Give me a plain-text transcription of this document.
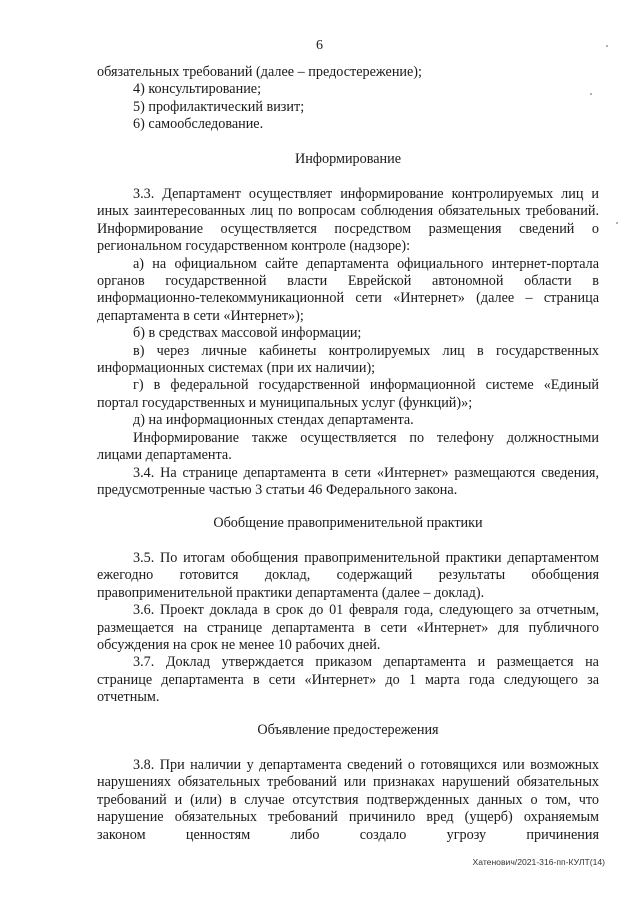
6

обязательных требований (далее – предостережение);

4) консультирование;

5) профилактический визит;

6) самообследование.

Информирование

3.3. Департамент осуществляет информирование контролируемых лиц и иных заинтересованных лиц по вопросам соблюдения обязательных требований. Информирование осуществляется посредством размещения сведений о региональном государственном контроле (надзоре):

а) на официальном сайте департамента официального интернет-портала органов государственной власти Еврейской автономной области в информационно-телекоммуникационной сети «Интернет» (далее – страница департамента в сети «Интернет»);

б) в средствах массовой информации;

в) через личные кабинеты контролируемых лиц в государственных информационных системах (при их наличии);

г) в федеральной государственной информационной системе «Единый портал государственных и муниципальных услуг (функций)»;

д) на информационных стендах департамента.

Информирование также осуществляется по телефону должностными лицами департамента.

3.4. На странице департамента в сети «Интернет» размещаются сведения, предусмотренные частью 3 статьи 46 Федерального закона.

Обобщение правоприменительной практики

3.5. По итогам обобщения правоприменительной практики департаментом ежегодно готовится доклад, содержащий результаты обобщения правоприменительной практики департамента (далее – доклад).

3.6. Проект доклада в срок до 01 февраля года, следующего за отчетным, размещается на странице департамента в сети «Интернет» для публичного обсуждения на срок не менее 10 рабочих дней.

3.7. Доклад утверждается приказом департамента и размещается на странице департамента в сети «Интернет» до 1 марта года следующего за отчетным.

Объявление предостережения

3.8. При наличии у департамента сведений о готовящихся или возможных нарушениях обязательных требований или признаках нарушений обязательных требований и (или) в случае отсутствия подтвержденных данных о том, что нарушение обязательных требований причинило вред (ущерб) охраняемым законом ценностям либо создало угрозу причинения

Хатенович/2021-316-пп-КУЛТ(14)
